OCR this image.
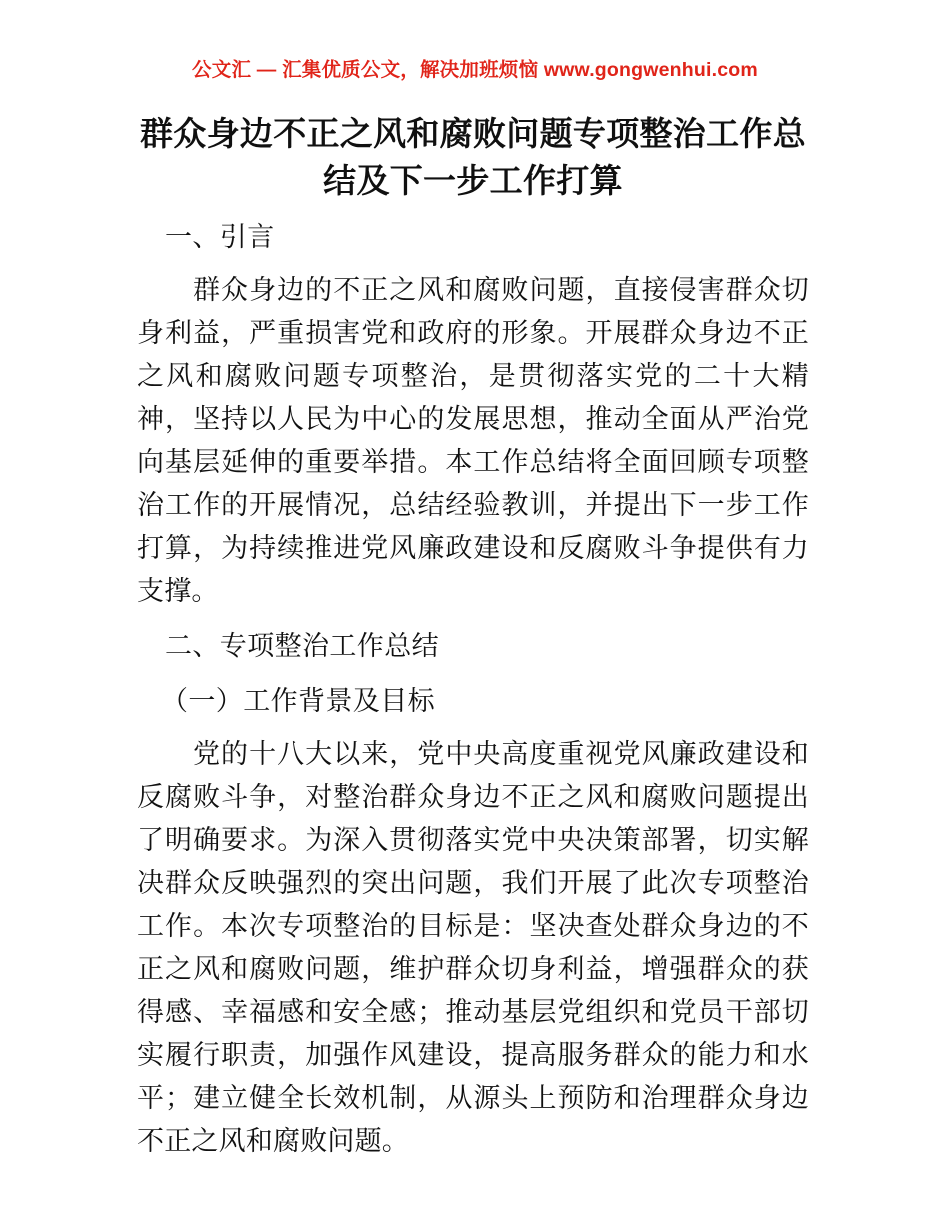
公文汇 — 汇集优质公文，解决加班烦恼 www.gongwenhui.com
群众身边不正之风和腐败问题专项整治工作总结及下一步工作打算
一、引言

群众身边的不正之风和腐败问题，直接侵害群众切身利益，严重损害党和政府的形象。开展群众身边不正之风和腐败问题专项整治，是贯彻落实党的二十大精神，坚持以人民为中心的发展思想，推动全面从严治党向基层延伸的重要举措。本工作总结将全面回顾专项整治工作的开展情况，总结经验教训，并提出下一步工作打算，为持续推进党风廉政建设和反腐败斗争提供有力支撑。

二、专项整治工作总结
（一）工作背景及目标

党的十八大以来，党中央高度重视党风廉政建设和反腐败斗争，对整治群众身边不正之风和腐败问题提出了明确要求。为深入贯彻落实党中央决策部署，切实解决群众反映强烈的突出问题，我们开展了此次专项整治工作。本次专项整治的目标是：坚决查处群众身边的不正之风和腐败问题，维护群众切身利益，增强群众的获得感、幸福感和安全感；推动基层党组织和党员干部切实履行职责，加强作风建设，提高服务群众的能力和水平；建立健全长效机制，从源头上预防和治理群众身边不正之风和腐败问题。
